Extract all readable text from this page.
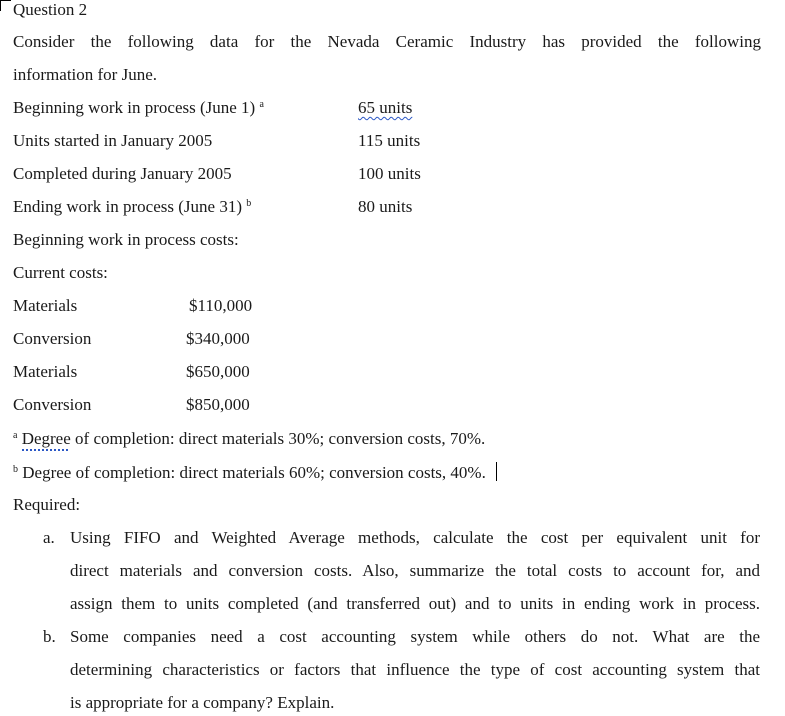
Question 2
Consider the following data for the Nevada Ceramic Industry has provided the following
information for June.
Beginning work in process (June 1) $^a$	65 units
Units started in January 2005	115 units
Completed during January 2005	100 units
Ending work in process (June 31) $^b$	80 units
Beginning work in process costs:
Current costs:
Materials	$110,000
Conversion	$340,000
Materials	$650,000
Conversion	$850,000
$^a$ Degree of completion: direct materials 30%; conversion costs, 70%.
$^b$ Degree of completion: direct materials 60%; conversion costs, 40%.
Required:
a. Using FIFO and Weighted Average methods, calculate the cost per equivalent unit for
direct materials and conversion costs. Also, summarize the total costs to account for, and
assign them to units completed (and transferred out) and to units in ending work in process.
b. Some companies need a cost accounting system while others do not. What are the
determining characteristics or factors that influence the type of cost accounting system that
is appropriate for a company? Explain.
